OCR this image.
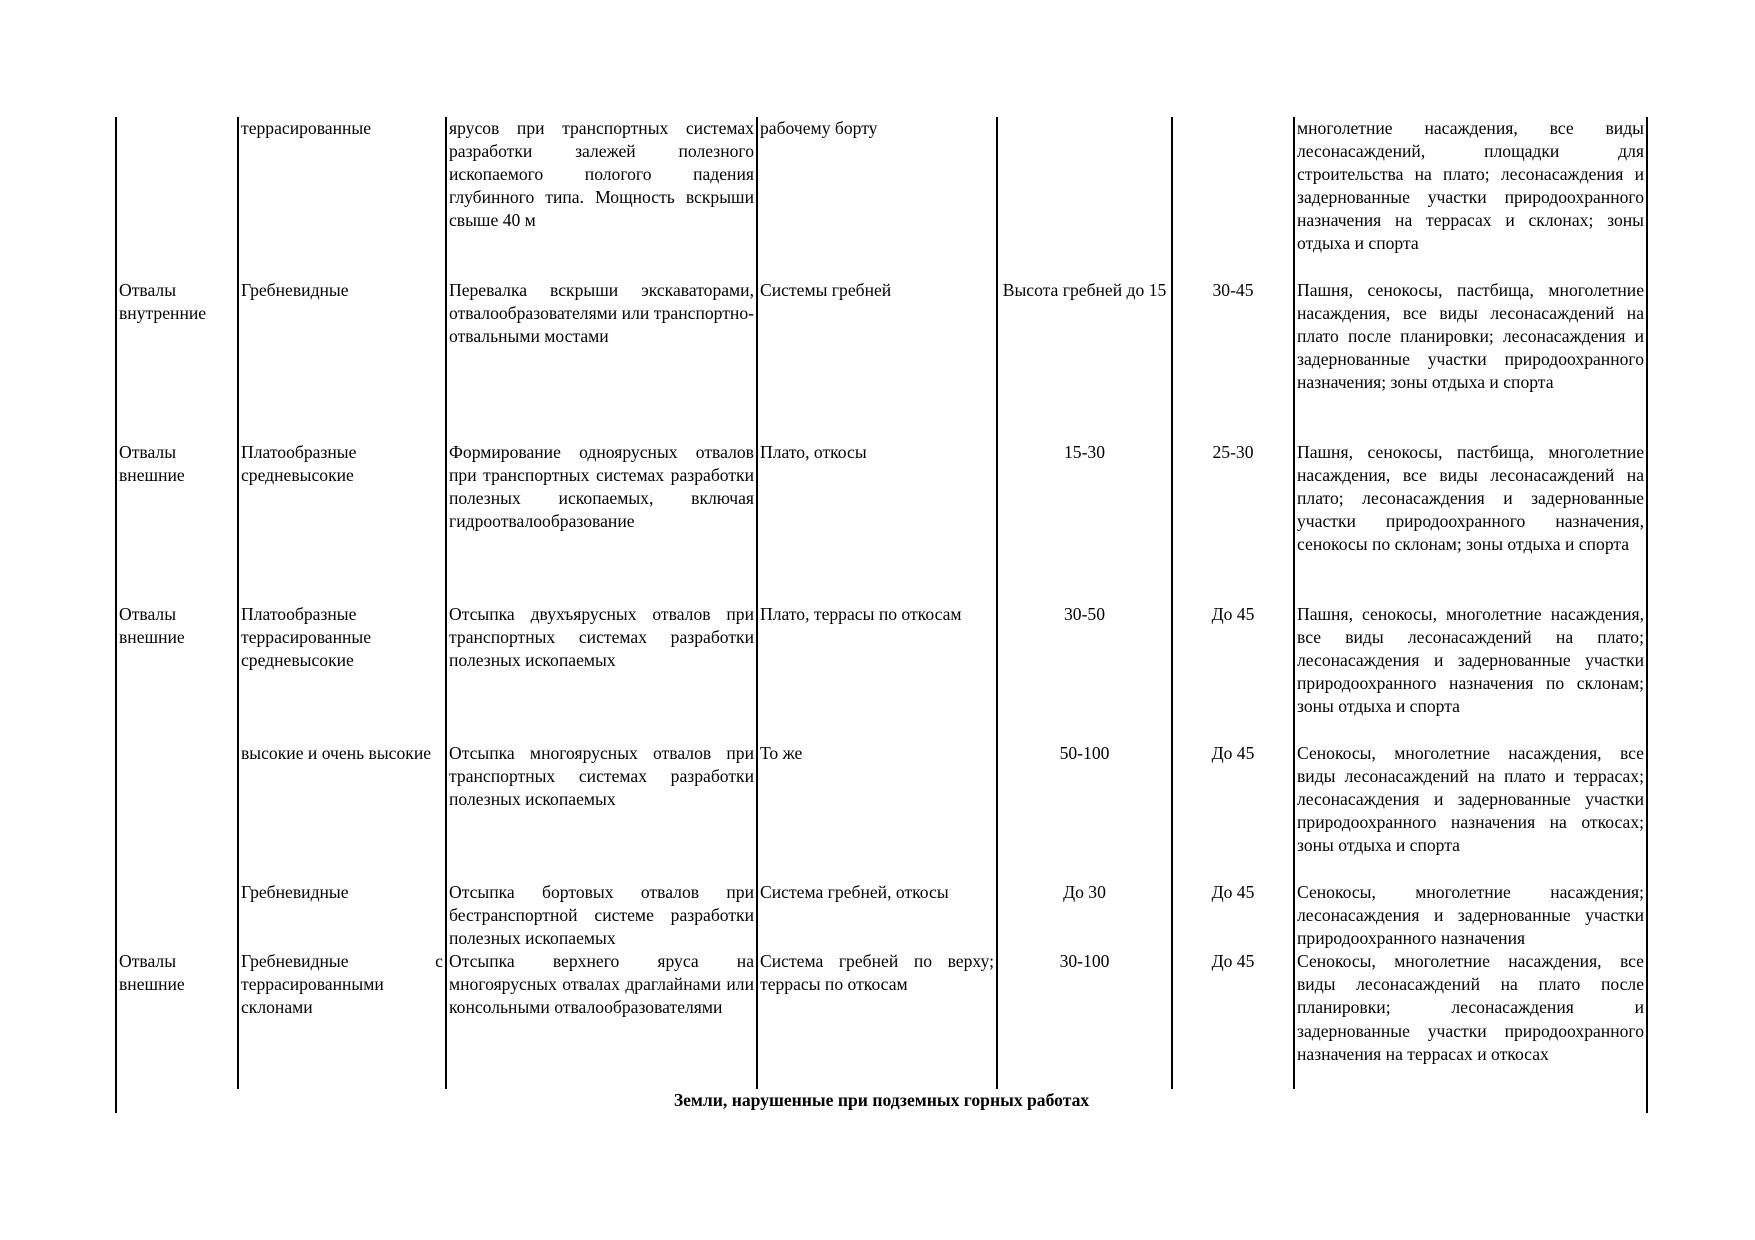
	террасированные	ярусов при транспортных системах разработки залежей полезного ископаемого пологого падения глубинного типа. Мощность вскрыши свыше 40 м	рабочему борту			многолетние насаждения, все виды лесонасаждений, площадки для строительства на плато; лесонасаждения и задернованные участки природоохранного назначения на террасах и склонах; зоны отдыха и спорта
Отвалы внутренние	Гребневидные	Перевалка вскрыши экскаваторами, отвалообразователями или транспортно- отвальными мостами	Системы гребней	Высота гребней до 15	30-45	Пашня, сенокосы, пастбища, многолетние насаждения, все виды лесонасаждений на плато после планировки; лесонасаждения и задернованные участки природоохранного назначения; зоны отдыха и спорта
Отвалы внешние	Платообразные средневысокие	Формирование одноярусных отвалов при транспортных системах разработки полезных ископаемых, включая гидроотвалообразование	Плато, откосы	15-30	25-30	Пашня, сенокосы, пастбища, многолетние насаждения, все виды лесонасаждений на плато; лесонасаждения и задернованные участки природоохранного назначения, сенокосы по склонам; зоны отдыха и спорта
Отвалы внешние	Платообразные террасированные средневысокие	Отсыпка двухъярусных отвалов при транспортных системах разработки полезных ископаемых	Плато, террасы по откосам	30-50	До 45	Пашня, сенокосы, многолетние насаждения, все виды лесонасаждений на плато; лесонасаждения и задернованные участки природоохранного назначения по склонам; зоны отдыха и спорта
	высокие и очень высокие	Отсыпка многоярусных отвалов при транспортных системах разработки полезных ископаемых	То же	50-100	До 45	Сенокосы, многолетние насаждения, все виды лесонасаждений на плато и террасах; лесонасаждения и задернованные участки природоохранного назначения на откосах; зоны отдыха и спорта
	Гребневидные	Отсыпка бортовых отвалов при бестранспортной системе разработки полезных ископаемых	Система гребней, откосы	До 30	До 45	Сенокосы, многолетние насаждения; лесонасаждения и задернованные участки природоохранного назначения
Отвалы внешние	Гребневидные с террасированными склонами	Отсыпка верхнего яруса на многоярусных отвалах драглайнами или консольными отвалообразователями	Система гребней по верху; террасы по откосам	30-100	До 45	Сенокосы, многолетние насаждения, все виды лесонасаждений на плато после планировки; лесонасаждения и задернованные участки природоохранного назначения на террасах и откосах
Земли, нарушенные при подземных горных работах						
